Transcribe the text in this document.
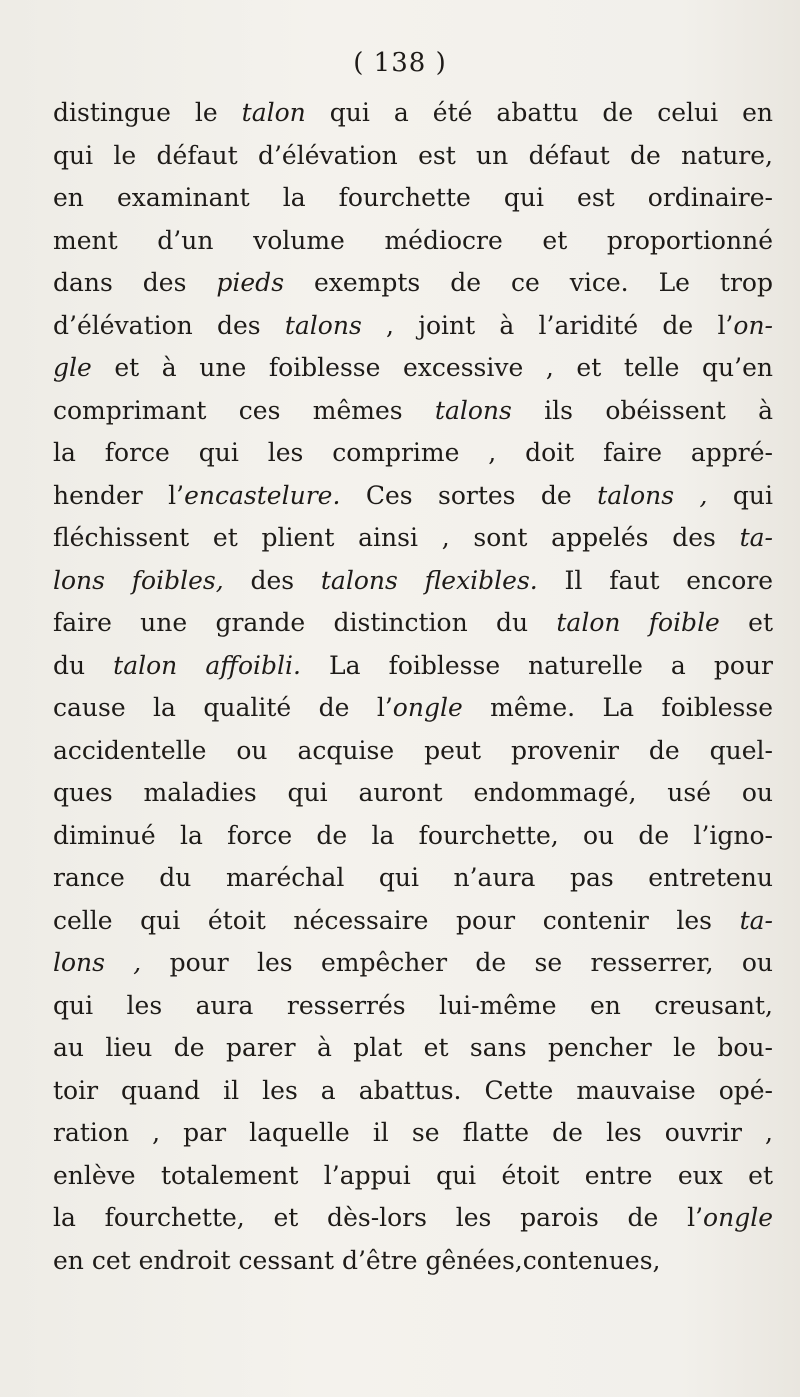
( 138 )
distingue le talon qui a été abattu de celui en
qui le défaut d’élévation est un défaut de nature,
en examinant la fourchette qui est ordinaire-
ment d’un volume médiocre et proportionné
dans des pieds exempts de ce vice. Le trop
d’élévation des talons , joint à l’aridité de l’on-
gle et à une foiblesse excessive , et telle qu’en
comprimant ces mêmes talons ils obéissent à
la force qui les comprime , doit faire appré-
hender l’encastelure. Ces sortes de talons , qui
fléchissent et plient ainsi , sont appelés des ta-
lons foibles, des talons flexibles. Il faut encore
faire une grande distinction du talon foible et
du talon affoibli. La foiblesse naturelle a pour
cause la qualité de l’ongle même. La foiblesse
accidentelle ou acquise peut provenir de quel-
ques maladies qui auront endommagé, usé ou
diminué la force de la fourchette, ou de l’igno-
rance du maréchal qui n’aura pas entretenu
celle qui étoit nécessaire pour contenir les ta-
lons , pour les empêcher de se resserrer, ou
qui les aura resserrés lui-même en creusant,
au lieu de parer à plat et sans pencher le bou-
toir quand il les a abattus. Cette mauvaise opé-
ration , par laquelle il se flatte de les ouvrir ,
enlève totalement l’appui qui étoit entre eux et
la fourchette, et dès-lors les parois de l’ongle
en cet endroit cessant d’être gênées,contenues,
